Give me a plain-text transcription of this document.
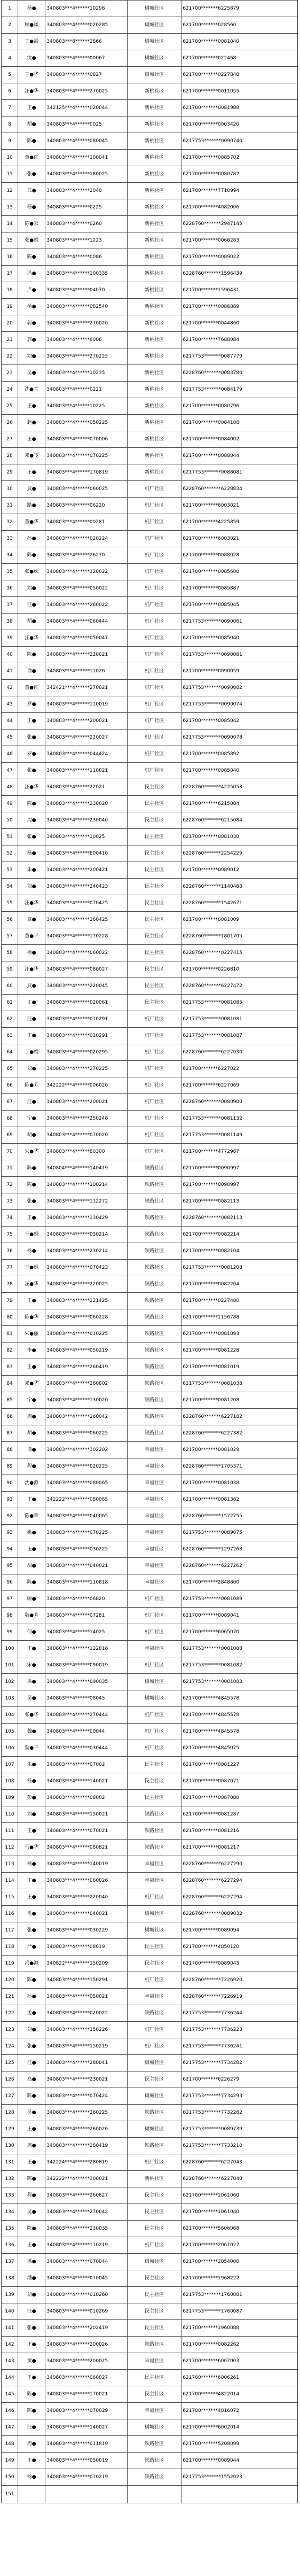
1	杨●	340803***4******10298	树城社区	621700*******6225879
2	顾●凤	340803***4******020285	树城社区	621700*******028560
3	丁●霞	340803***8******2866	树城社区	621700*******0081040
4	沈●	340803***4******00067	树城社区	621700*******022468
5	王●华	340803***4******0827	树城社区	621700*******0227848
6	汪●华	340803***4******270025	新桃社区	621700*******0011055
7	王●	342125***4******020044	新桃社区	621700*******0081988
8	胡●	340803***4******0025	新桃社区	621700*******0003420
9	陈●	340803***4******080045	新桃社区	6217753*******0090740
10	童●红	340803***4******100041	新桃社区	621700*******0085702
11	张●	340803***4******180025	新桃社区	621700*******0080782
12	江●	340803***4******1040	新桃社区	621700*******7710994
13	杨●	340803***4******0225	新桃社区	621700*******4082006
14	陈●云	340803***4******0260	新桃社区	6228760*******2947145
15	张●娟	340803***4******1223	新桃社区	621700*******0066283
16	陈●	340803***4******0086	新桃社区	621700*******0089022
17	冯●	340803***4******100335	新桃社区	6228760*******1596439
18	卢●	340803***4******04070	新桃社区	621700*******1596431
19	杨●	340803***4******082540	新桃社区	621700*******0086889
20	郭●	340803***4******270020	新桃社区	621700*******0044860
21	郭●	340803***4******8006	新桃社区	621700*******7688084
22	刘●	340803***4******270225	新桃社区	6217753*******0087779
23	吴●	340803***4******10235	新桃社区	6228760*******0083780
24	沈●兰	340803***4******0221	新桃社区	6217753*******0084179
25	王●	340803***4******10225	新桃社区	621700*******0080796
26	赵●	340803***4******050225	新桃社区	621700*******0084108
27	王●	340803***4******070006	新桃社区	621700*******0084002
28	邓●飞	340803***4******070225	新桃社区	621700*******0088044
29	王●	340803***4******170819	新桃社区	6217753*******0088081
30	武●	340803***4******060025	机厂社区	6228760*******6228834
31	路●	340803***4******06220	机厂社区	621700*******6003021
32	董●华	340803***4******00281	机厂社区	621700*******4225859
33	孙●	340803***4******020224	机厂社区	621700*******6003021
34	陈●	340803***4******26270	机厂社区	621700*******0088028
35	张●妹	340803***4******120022	机厂社区	621700*******0085600
36	刘●	340803***4******050022	机厂社区	621700*******0085887
37	汪●	340803***4******260022	机厂社区	621700*******0085045
38	胡●	340803***4******060444	机厂社区	6217753*******0090061
39	汪●华	340803***4******050047	机厂社区	621700*******0085040
40	陈●	340803***4******220021	机厂社区	6217753*******0090081
41	俞●	340803***4******11026	机厂社区	621700*******0090059
42	董●红	342421***4******270021	机厂社区	6217753*******0090082
43	罗●	340803***4******110019	机厂社区	6217753*******0090074
44	王●	340803***4******200021	机厂社区	621700*******0085042
45	张●	340803***4******220027	机厂社区	6217753*******0090078
46	罗●	340803***4******044424	机厂社区	621700*******0085892
47	张●	340803***4******110021	机厂社区	621700*******0085040
48	汪●华	340803***4******22021	民主社区	6228760*******4225058
49	陈●	340803***4******230020	民主社区	621700*******6215084
50	周●	340803***4******230040	民主社区	6228760*******6215084
51	张●	340803***4******10025	民主社区	621700*******0081030
52	杨●	340803***4******800410	民主社区	6228760*******2254229
53	朱●	340803***4******200421	民主社区	621700*******0089012
54	刘●	340803***4******240423	民主社区	6228760*******1140488
55	汪●华	340803***4******070425	民主社区	6228760*******1542671
56	章●	340803***4******260425	民主社区	621700*******0081009
57	董●平	340803***4******170228	民主社区	6228760*******1801705
58	杨●	340803***4******060022	民主社区	6228760*******0227415
59	汪●华	340803***4******080027	民主社区	621700*******0226810
60	武●	340803***4******220045	民主社区	6228760*******6227472
61	丁●	340803***4******020061	民主社区	6217753*******0081085
62	汪●	340803***4******010291	机厂社区	6217753*******0081081
63	丁●	340803***4******010291	机厂社区	6217753*******0081087
64	丁●娟	340803***4******020295	机厂社区	6228760*******6227030
65	刘●	340803***4******270225	机厂社区	621700*******6227022
66	陈●芳	342222***4******006020	机厂社区	621700*******6227069
67	汪●	340803***4******200021	机厂社区	6228760*******0080900
68	宁●	340803***4******250248	机厂社区	6217753*******0081132
69	胡●	340803***4******070020	机厂社区	6217753*******0081149
70	朱●华	340803***4******80300	机厂社区	621700*******4772987
71	陈●	340804***4******140419	铁路社区	621700*******0090997
72	陈●	340803***4******100214	铁路社区	621700*******0090997
73	张●	340803***4******112272	铁路社区	621700*******0082113
74	王●	340803***4******130429	铁路社区	6228760*******0082113
75	王●娟	340803***4******030214	铁路社区	621700*******0082214
76	杨●	340803***4******230214	铁路社区	621700*******0082104
77	王●娟	340803***4******070423	铁路社区	6217753*******0081208
78	汪●华	340803***4******220025	铁路社区	621700*******0082204
79	王●	340803***4******121425	铁路社区	621700*******0227480
80	陈●华	340803***4******060228	铁路社区	621700*******1156788
81	朱●丽	340803***4******010225	铁路社区	621700*******0081093
82	李●	340803***4******050219	铁路社区	621700*******0081228
83	王●	340803***4******260419	铁路社区	621700*******0081019
84	邓●华	340803***4******260802	铁路社区	6217753*******0081038
85	宁●	340803***4******130020	铁路社区	621700*******0081208
86	周●	340803***4******260042	铁路社区	6228760*******6227182
87	胡●	340803***4******060225	铁路社区	6228760*******6227382
88	谭●	340803***4******302202	幸福社区	621700*******0081029
89	程●	340803***4******020225	幸福社区	6228760*******1705371
90	沈●源	340803***4******080065	幸福社区	621700*******0081038
91	王●	342222***4******080065	幸福社区	621700*******0081382
92	陈●荣	340803***4******040065	幸福社区	6228760*******1572755
93	姚●	340803***4******070225	幸福社区	6217753*******0089075
94	王●	340803***4******030225	幸福社区	6228760*******1297268
95	胡●	340803***4******040021	幸福社区	6228760*******6227262
96	陈●	340803***4******110818	幸福社区	621700*******2848800
97	顾●	340803***4******06820	机厂社区	6217753*******0081089
98	魏●芳	340803***4******07281	机厂社区	621700*******0089041
99	何●	340803***4******14025	机厂社区	621700*******6065070
100	王●	340803***4******122818	幸福社区	6217753*******0081088
101	宋●	340803***4******090019	机厂社区	6217753*******0081082
102	洪●	340803***4******090035	树城社区	6217753*******0081083
103	吴●	340803***4******08045	树城社区	621700*******4845578
104	张●华	340803***4******270444	机厂社区	621700*******4845578
105	魏●	340803***4******00044	机厂社区	621700*******4845578
106	魏●平	340803***4******030444	机厂社区	621700*******4845075
107	朱●	340803***4******07002	民主社区	621700*******0081227
108	杨●	340803***4******140021	民主社区	621700*******0087071
109	彭●	340803***4******08002	民主社区	621700*******0087080
110	刘●	340803***4******150021	铁路社区	621700*******0081287
111	王●	340803***4******070021	铁路社区	621700*******0081216
112	马●华	340803***4******080821	铁路社区	621700*******0081217
113	杨●	340803***4******140019	幸福社区	6228760*******6227290
114	丁●	340803***4******060026	幸福社区	6228760*******6227294
115	王●	340803***4******220040	机厂社区	6228760*******6227294
116	毛●	340803***4******040021	树城社区	6228760*******0089032
117	张●	340803***4******030229	树城社区	621700*******0089094
118	严●	340803***4******08019	民主社区	621700*******4850120
119	冯●源	340822***4******150209	民主社区	621700*******0089043
120	陈●	340803***4******150291	机厂社区	6228760*******7226920
121	孙●	340803***4******050021	幸福社区	6228760*******7226919
122	孟●	340803***4******020022	铁路社区	6217753*******7736244
123	刘●	340803***4******150226	机厂社区	6217753*******7736223
124	张●	340803***4******150219	机厂社区	6217753*******7736241
125	汪●	340803***4******280041	树城社区	6217753*******7734282
126	高●	340803***4******230021	民主社区	621700*******6226279
127	陈●	340803***4******070424	树城社区	6217753*******7734293
128	吴●	340803***4******260225	铁路社区	6217753*******7732282
129	王●	340803***4******260026	树城社区	6217753*******0089739
130	周●	340803***4******280419	铁路社区	6217753*******7733210
131	王●	342224***4******280819	机厂社区	6228760*******6227043
132	陈●	342222***4******300021	新桃社区	6228760*******6227040
133	程●	340803***4******260827	民主社区	621700*******1061060
134	吴●	340803***4******270042	民主社区	621700*******1061040
135	陈●	340803***4******230035	民主社区	621700*******5606068
136	王●	340803***4******110219	机厂社区	621700*******2061027
137	潘●	340803***4******070044	树城社区	621700*******2054000
138	潘●	340803***4******070045	民主社区	621700*******1968222
139	刘●	340803***4******010260	民主社区	6217753*******1760081
140	汪●	340803***4******010269	民主社区	6217753*******1760087
141	张●	340803***4******202419	民主社区	621700*******1960088
142	王●	340803***4******200026	铁路社区	621700*******0082262
143	黄●	340803***4******200025	幸福社区	621700*******6007003
144	王●	340803***4******060027	民主社区	621700*******6006261
145	陈●	340803***4******170021	民主社区	621700*******4822014
146	陈●	340803***4******070029	幸福社区	621700*******4816072
147	汪●	340803***4******140027	树城社区	621700*******6002014
148	周●	340803***4******011819	铁路社区	621700*******5208099
149	王●	340803***4******050019	铁路社区	621700*******0089044
150	杨●	340803***4******010219	铁路社区	6217753*******1552023
151				
